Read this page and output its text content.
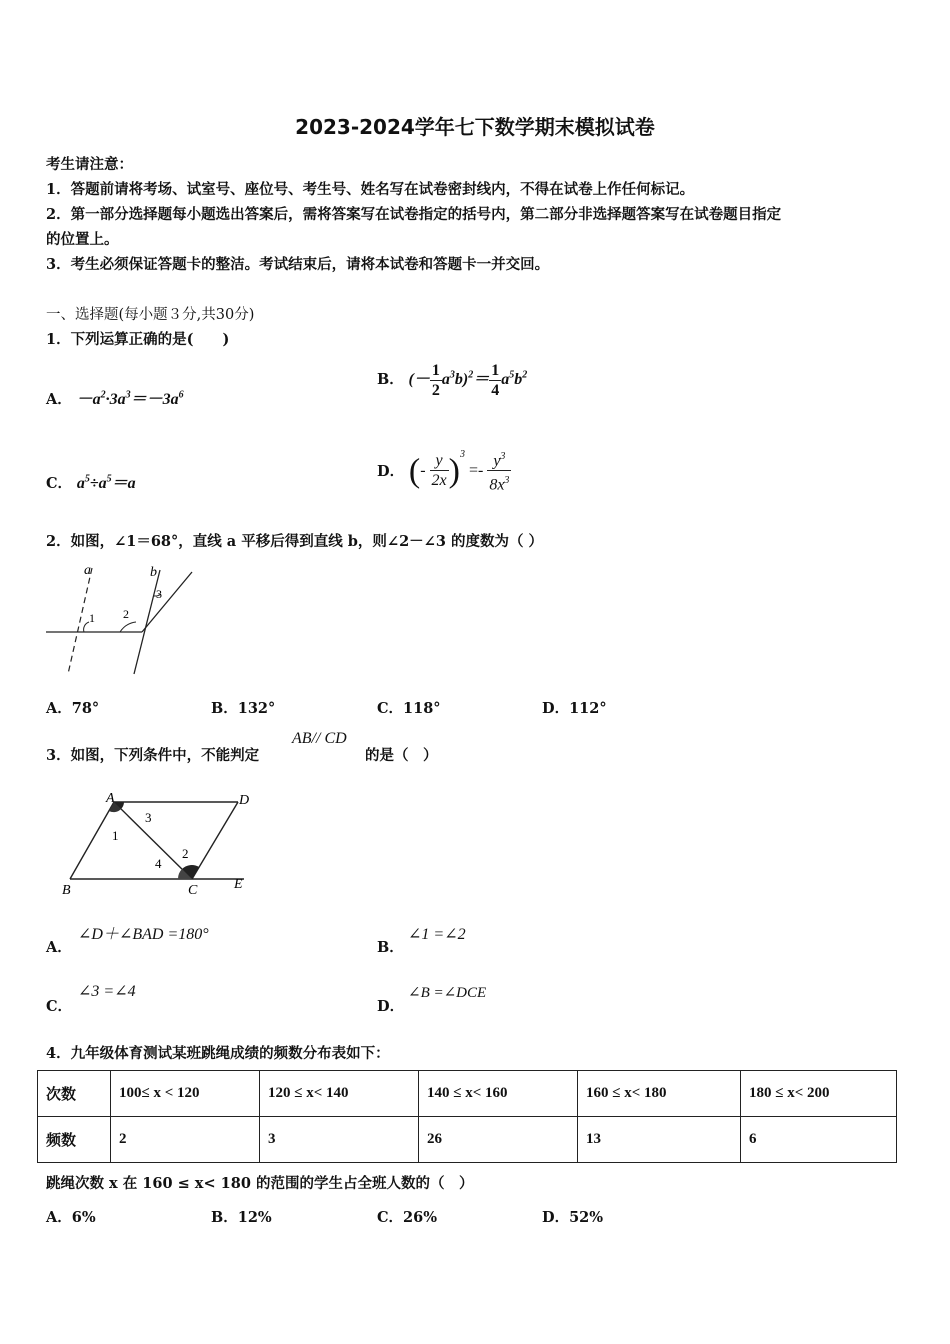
2023-2024学年七下数学期末模拟试卷
考生请注意：
1．答题前请将考场、试室号、座位号、考生号、姓名写在试卷密封线内，不得在试卷上作任何标记。
2．第一部分选择题每小题选出答案后，需将答案写在试卷指定的括号内，第二部分非选择题答案写在试卷题目指定
的位置上。
3．考生必须保证答题卡的整洁。考试结束后，请将本试卷和答题卡一并交回。
一、选择题(每小题３分,共30分)
1．下列运算正确的是(　　)
A． $-a^2\cdot 3a^3=-3a^6$
B． (－ $\frac{1}{2} a^3b)^2= \frac{1}{4} a^5b^2$
C． $a^5\div a^5=a$
D． (- $\frac{y}{2x} )^3 =- \frac{y^3}{8x^3}$
2．如图，∠1＝68°，直线 a 平移后得到直线 b，则∠2－∠3 的度数为（ ）
a	b
1 2
3
A．78°	B．132°	C．118°	D．112°
3．如图，下列条件中，不能判定
AB// CD
的是（　）
A	D
B	C	E
1
3
2
4
A．
∠D＋∠BAD =180°
B．
∠1 =∠2
C．
∠3 =∠4
D．
∠B =∠DCE
4．九年级体育测试某班跳绳成绩的频数分布表如下：
次数	100≤ x < 120	120 ≤ x< 140	140 ≤ x< 160	160 ≤ x< 180	180 ≤ x< 200
频数	2	3	26	13	6
跳绳次数 x 在 160 ≤ x< 180 的范围的学生占全班人数的（　）
A．6%	B．12%	C．26%	D．52%
